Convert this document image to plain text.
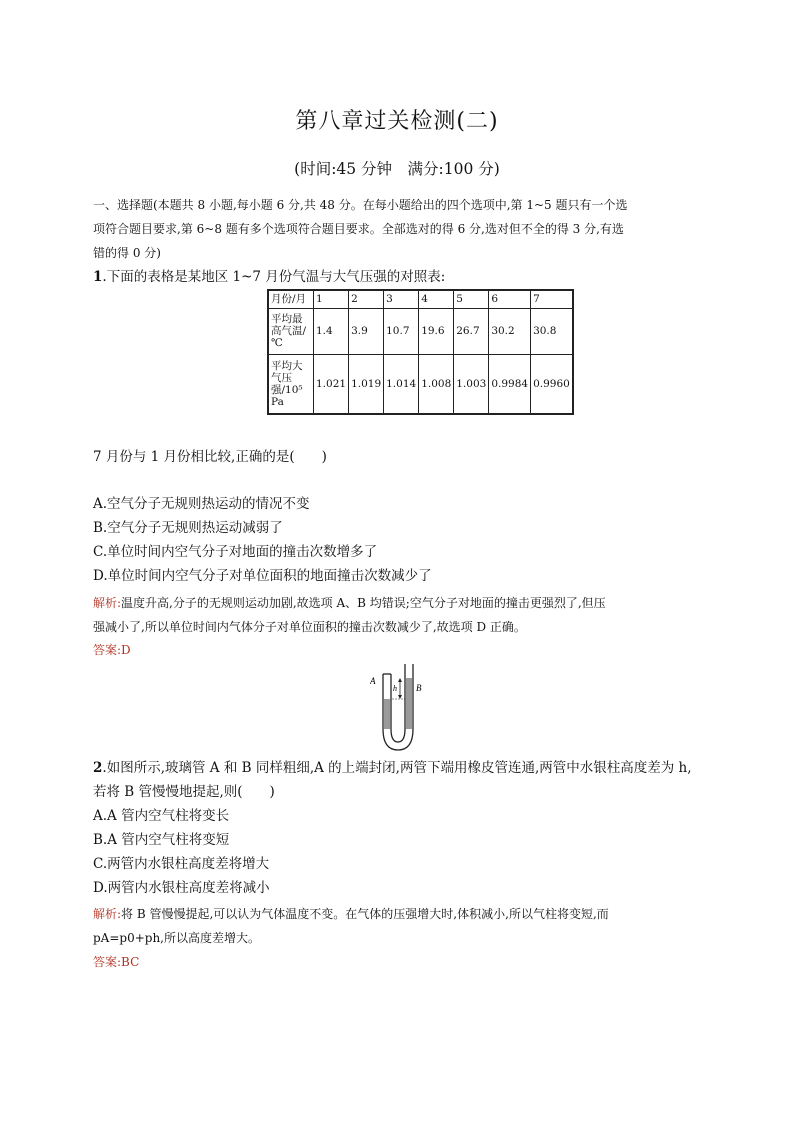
第八章过关检测(二)
(时间:45 分钟　满分:100 分)
一、选择题(本题共 8 小题,每小题 6 分,共 48 分。在每小题给出的四个选项中,第 1~5 题只有一个选
项符合题目要求,第 6~8 题有多个选项符合题目要求。全部选对的得 6 分,选对但不全的得 3 分,有选
错的得 0 分)
1.下面的表格是某地区 1~7 月份气温与大气压强的对照表:
月份/月	1	2	3	4	5	6	7
平均最高气温/℃	1.4	3.9	10.7	19.6	26.7	30.2	30.8
平均大气压强/10⁵ Pa	1.021	1.019	1.014	1.008	1.003	0.9984	0.9960
7 月份与 1 月份相比较,正确的是(　　)
A.空气分子无规则热运动的情况不变
B.空气分子无规则热运动减弱了
C.单位时间内空气分子对地面的撞击次数增多了
D.单位时间内空气分子对单位面积的地面撞击次数减少了
解析:温度升高,分子的无规则运动加剧,故选项 A、B 均错误;空气分子对地面的撞击更强烈了,但压
强减小了,所以单位时间内气体分子对单位面积的撞击次数减少了,故选项 D 正确。
答案:D
A
B
h
2.如图所示,玻璃管 A 和 B 同样粗细,A 的上端封闭,两管下端用橡皮管连通,两管中水银柱高度差为 h,
若将 B 管慢慢地提起,则(　　)
A.A 管内空气柱将变长
B.A 管内空气柱将变短
C.两管内水银柱高度差将增大
D.两管内水银柱高度差将减小
解析:将 B 管慢慢提起,可以认为气体温度不变。在气体的压强增大时,体积减小,所以气柱将变短,而
pA=p0+ph,所以高度差增大。
答案:BC
